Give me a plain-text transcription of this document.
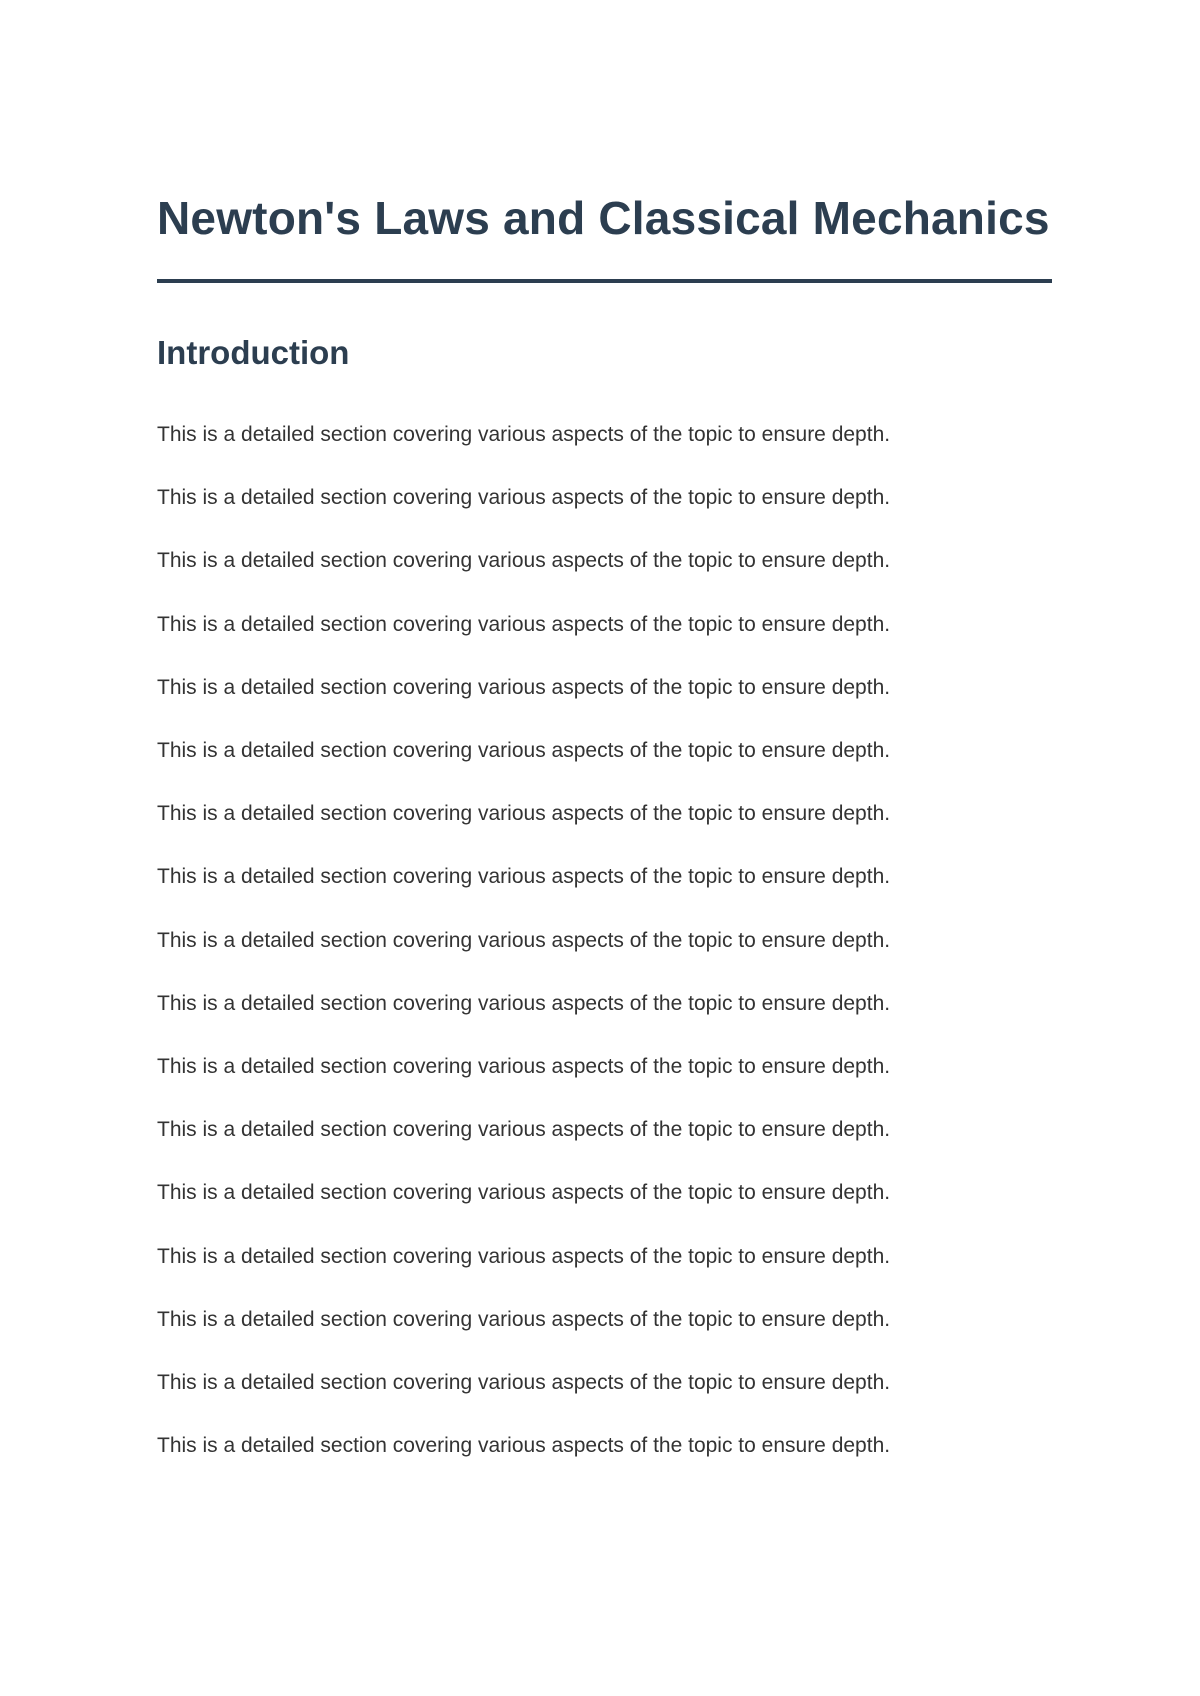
Newton's Laws and Classical Mechanics
Introduction

This is a detailed section covering various aspects of the topic to ensure depth.

This is a detailed section covering various aspects of the topic to ensure depth.

This is a detailed section covering various aspects of the topic to ensure depth.

This is a detailed section covering various aspects of the topic to ensure depth.

This is a detailed section covering various aspects of the topic to ensure depth.

This is a detailed section covering various aspects of the topic to ensure depth.

This is a detailed section covering various aspects of the topic to ensure depth.

This is a detailed section covering various aspects of the topic to ensure depth.

This is a detailed section covering various aspects of the topic to ensure depth.

This is a detailed section covering various aspects of the topic to ensure depth.

This is a detailed section covering various aspects of the topic to ensure depth.

This is a detailed section covering various aspects of the topic to ensure depth.

This is a detailed section covering various aspects of the topic to ensure depth.

This is a detailed section covering various aspects of the topic to ensure depth.

This is a detailed section covering various aspects of the topic to ensure depth.

This is a detailed section covering various aspects of the topic to ensure depth.

This is a detailed section covering various aspects of the topic to ensure depth.
